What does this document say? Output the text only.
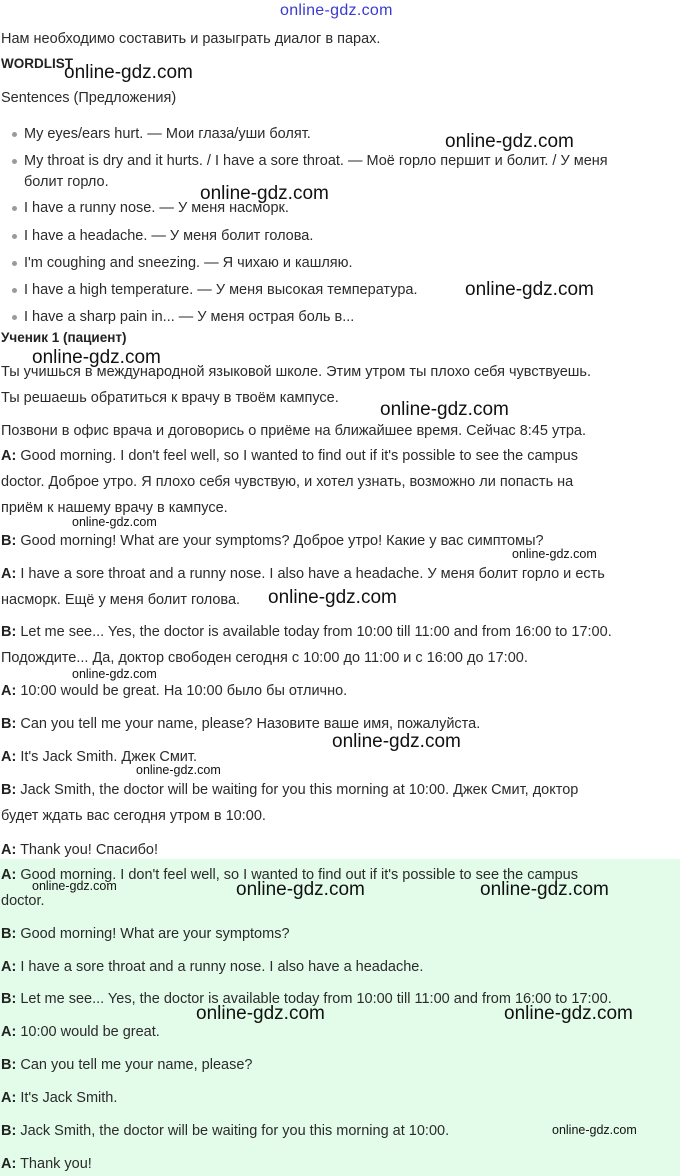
online-gdz.com
Нам необходимо составить и разыграть диалог в парах.
WORDLIST
Sentences (Предложения)
My eyes/ears hurt. — Мои глаза/уши болят.
My throat is dry and it hurts. / I have a sore throat. — Моё горло першит и болит. / У меня
болит горло.
I have a runny nose. — У меня насморк.
I have a headache. — У меня болит голова.
I'm coughing and sneezing. — Я чихаю и кашляю.
I have a high temperature. — У меня высокая температура.
I have a sharp pain in... — У меня острая боль в...
Ученик 1 (пациент)
Ты учишься в международной языковой школе. Этим утром ты плохо себя чувствуешь.
Ты решаешь обратиться к врачу в твоём кампусе.
Позвони в офис врача и договорись о приёме на ближайшее время. Сейчас 8:45 утра.
A: Good morning. I don't feel well, so I wanted to find out if it's possible to see the campus
doctor. Доброе утро. Я плохо себя чувствую, и хотел узнать, возможно ли попасть на
приём к нашему врачу в кампусе.
B: Good morning! What are your symptoms? Доброе утро! Какие у вас симптомы?
A: I have a sore throat and a runny nose. I also have a headache. У меня болит горло и есть
насморк. Ещё у меня болит голова.
B: Let me see... Yes, the doctor is available today from 10:00 till 11:00 and from 16:00 to 17:00.
Подождите... Да, доктор свободен сегодня с 10:00 до 11:00 и с 16:00 до 17:00.
A: 10:00 would be great. На 10:00 было бы отлично.
B: Can you tell me your name, please? Назовите ваше имя, пожалуйста.
A: It's Jack Smith. Джек Смит.
B: Jack Smith, the doctor will be waiting for you this morning at 10:00. Джек Смит, доктор
будет ждать вас сегодня утром в 10:00.
A: Thank you! Спасибо!
A: Good morning. I don't feel well, so I wanted to find out if it's possible to see the campus
doctor.
B: Good morning! What are your symptoms?
A: I have a sore throat and a runny nose. I also have a headache.
B: Let me see... Yes, the doctor is available today from 10:00 till 11:00 and from 16:00 to 17:00.
A: 10:00 would be great.
B: Can you tell me your name, please?
A: It's Jack Smith.
B: Jack Smith, the doctor will be waiting for you this morning at 10:00.
A: Thank you!
online-gdz.com
online-gdz.com
online-gdz.com
online-gdz.com
online-gdz.com
online-gdz.com
online-gdz.com
online-gdz.com
online-gdz.com	online-gdz.com
online-gdz.com	online-gdz.com
online-gdz.com
online-gdz.com
online-gdz.com
online-gdz.com
online-gdz.com
online-gdz.com
